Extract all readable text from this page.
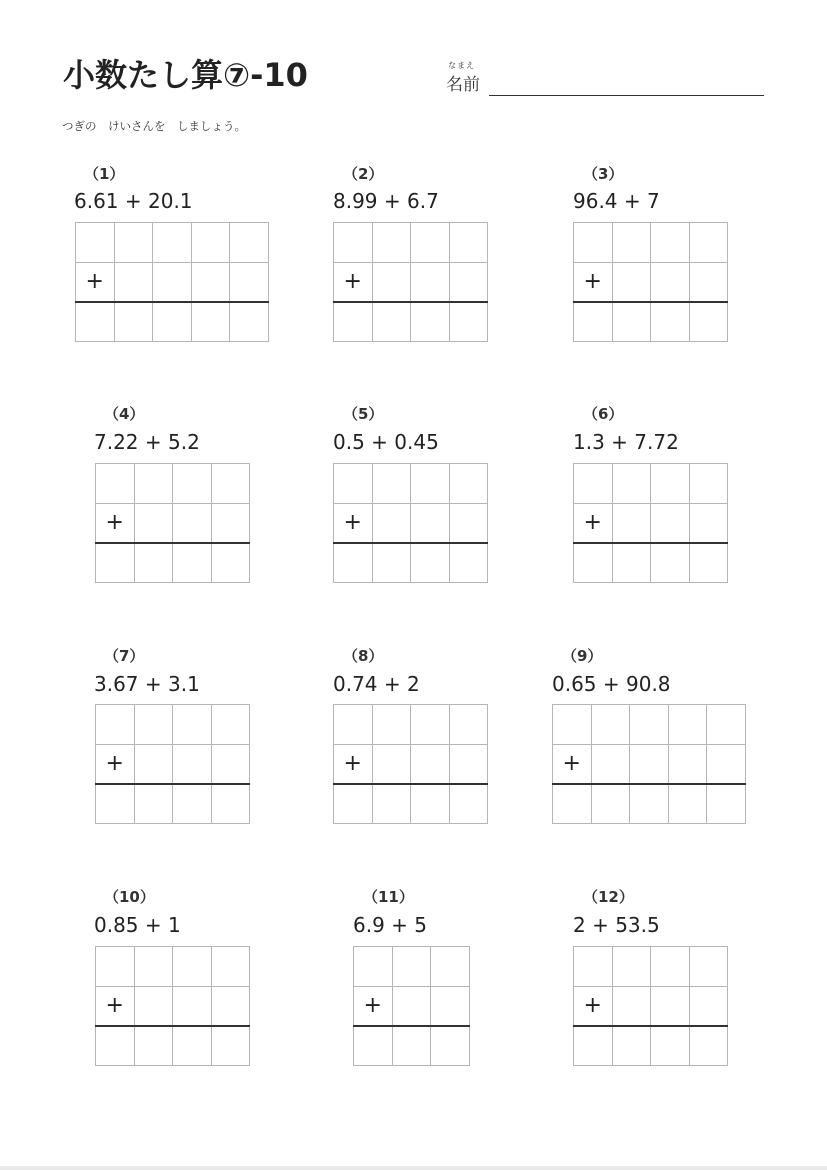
小数たし算⑦-10	なまえ
名前
つぎの　けいさんを　しましょう。
（1）
6.61 + 20.1

+				

（2）
8.99 + 6.7

+			

（3）
96.4 + 7

+			

（4）
7.22 + 5.2

+			

（5）
0.5 + 0.45

+			

（6）
1.3 + 7.72

+			

（7）
3.67 + 3.1

+			

（8）
0.74 + 2

+			

（9）
0.65 + 90.8

+				

（10）
0.85 + 1

+			

（11）
6.9 + 5

+		

（12）
2 + 53.5

+			
